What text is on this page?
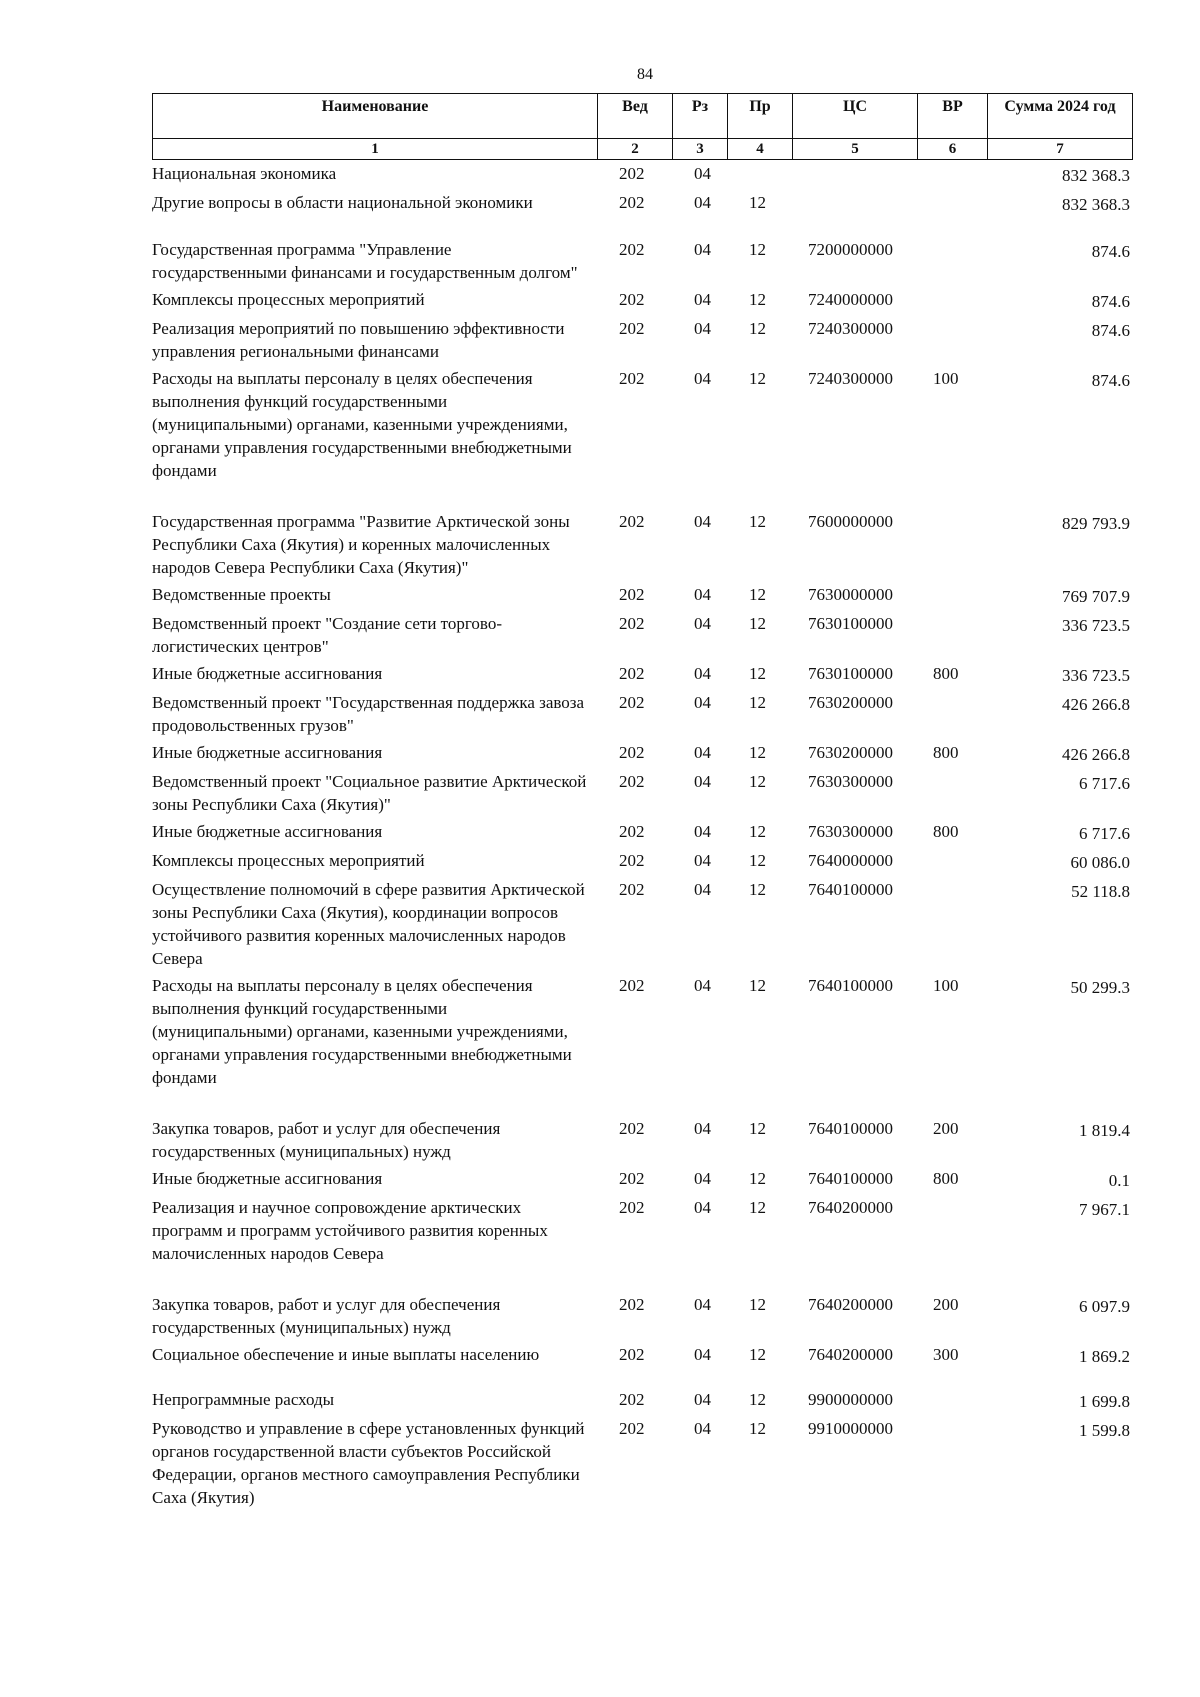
84
Наименование	Вед	Рз	Пр	ЦС	ВР	Сумма 2024 год
1	2	3	4	5	6	7
Национальная экономика	202	04				832 368.3
Другие вопросы в области национальной экономики	202	04	12			832 368.3
Государственная программа "Управление государственными финансами и государственным долгом"	202	04	12	7200000000		874.6
Комплексы процессных мероприятий	202	04	12	7240000000		874.6
Реализация мероприятий по повышению эффективности управления региональными финансами	202	04	12	7240300000		874.6
Расходы на выплаты персоналу в целях обеспечения выполнения функций государственными (муниципальными) органами, казенными учреждениями, органами управления государственными внебюджетными фондами	202	04	12	7240300000	100	874.6
Государственная программа "Развитие Арктической зоны Республики Саха (Якутия) и коренных малочисленных народов Севера Республики Саха (Якутия)"	202	04	12	7600000000		829 793.9
Ведомственные проекты	202	04	12	7630000000		769 707.9
Ведомственный проект "Создание сети торгово-логистических центров"	202	04	12	7630100000		336 723.5
Иные бюджетные ассигнования	202	04	12	7630100000	800	336 723.5
Ведомственный проект "Государственная поддержка завоза продовольственных грузов"	202	04	12	7630200000		426 266.8
Иные бюджетные ассигнования	202	04	12	7630200000	800	426 266.8
Ведомственный проект "Социальное развитие Арктической зоны Республики Саха (Якутия)"	202	04	12	7630300000		6 717.6
Иные бюджетные ассигнования	202	04	12	7630300000	800	6 717.6
Комплексы процессных мероприятий	202	04	12	7640000000		60 086.0
Осуществление полномочий в сфере развития Арктической зоны Республики Саха (Якутия), координации вопросов устойчивого развития коренных малочисленных народов Севера	202	04	12	7640100000		52 118.8
Расходы на выплаты персоналу в целях обеспечения выполнения функций государственными (муниципальными) органами, казенными учреждениями, органами управления государственными внебюджетными фондами	202	04	12	7640100000	100	50 299.3
Закупка товаров, работ и услуг для обеспечения государственных (муниципальных) нужд	202	04	12	7640100000	200	1 819.4
Иные бюджетные ассигнования	202	04	12	7640100000	800	0.1
Реализация и научное сопровождение арктических программ и программ устойчивого развития коренных малочисленных народов Севера	202	04	12	7640200000		7 967.1
Закупка товаров, работ и услуг для обеспечения государственных (муниципальных) нужд	202	04	12	7640200000	200	6 097.9
Социальное обеспечение и иные выплаты населению	202	04	12	7640200000	300	1 869.2
Непрограммные расходы	202	04	12	9900000000		1 699.8
Руководство и управление в сфере установленных функций органов государственной власти субъектов Российской Федерации, органов местного самоуправления Республики Саха (Якутия)	202	04	12	9910000000		1 599.8
